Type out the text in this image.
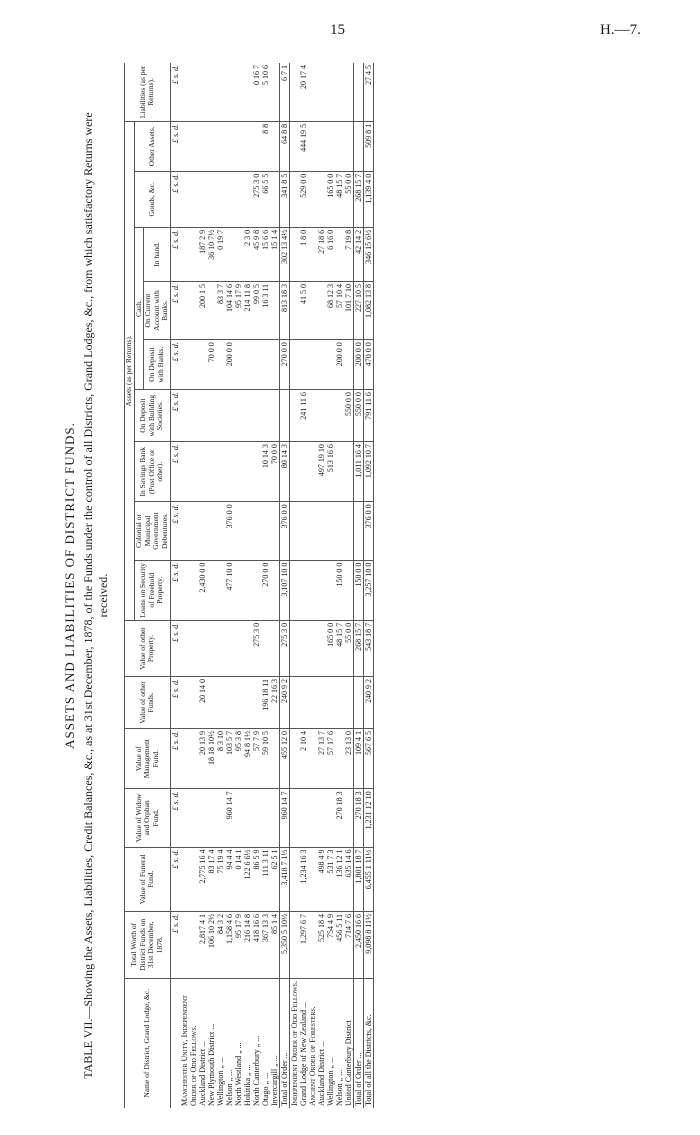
15	H.—7.

ASSETS AND LIABILITIES OF DISTRICT FUNDS. TABLE VII.—Showing the Assets, Liabilities, Credit Balances, &c., as at 31st December, 1878, of the Funds under the control of all Districts, Grand Lodges, &c., from which satisfactory Returns were received.

Name of District, Grand Lodge, &c.	Total Worth of District Funds on 31st December, 1878.	Value of Funeral Fund.	Value of Widow and Orphan Fund.	Value of Management Fund.	Value of other Funds.	Value of other Property.	Assets (as per Returns).									Liabilities (as per Returns).
							Loans on Security of Freehold Property.	Colonial or Municipal Government Debentures.	In Savings Bank (Post Office or other).	On Deposit with Building Societies.	Cash.			Goods, &c.	Other Assets.	
											On Deposit with Banks.	On Current Account with Banks.	In hand.			
	£ s. d.	£ s. d.	£ s. d.	£ s. d.	£ s. d.	£ s. d.	£ s. d.	£ s. d.	£ s. d.	£ s. d.	£ s. d.	£ s. d.	£ s. d.	£ s. d.	£ s. d.	£ s. d.
Manchester Unity, Independent Order of Odd Fellows.																
Auckland District ...	2,817 4 1	2,775 16 4		20 13 9	20 14 0		2,430 0 0					200 1 5	187 2 9			
New Plymouth District ...	106 10 2½	83 17 4		18 18 10½							70 0 0		36 10 7½			
Wellington „ ...	84 3 2	75 19 4		8 3 10								83 3 7	0 19 7			
Nelson „ ...	1,158 4 6	94 4 4	960 14 7	103 5 7			477 10 0	376 0 0			200 0 0	104 14 6				
North Westland „ ...	95 17 9	0 14 1		95 3 8								95 17 9				
Hokitika „ ...	216 14 8	122 6 6½		94 8 1½								214 11 8	2 3 0			
North Canterbury „ ...	418 16 6	86 5 9		57 7 9		275 3 0						99 0 5	45 9 8	275 3 0		0 16 7
Otago „ ...	367 13 3	111 3 11		59 10 5	196 18 11		270 0 0		10 14 3			16 3 11	15 6 6	66 5 5	8 8	5 10 6
Invercargill „ ...	85 1 4	62 5 1			22 16 3				70 0 0				15 1 4			
Total of Order ...	5,350 5 10½	3,418 7 1½	960 14 7	455 12 0	240 9 2	275 3 0	3,107 10 0	376 0 0	80 14 3		270 0 0	813 18 3	302 13 4½	341 8 5	64 8 8	6 7 1
Independent Order of Odd Fellows.																
Grand Lodge of New Zealand ...	1,297 6 7	1,234 16 3		2 10 4						241 11 6		41 5 0	1 8 0	529 0 0	444 19 5	20 17 4
Ancient Order of Foresters.																
Auckland District ...	525 18 4	498 4 9		27 13 7					497 19 10				27 18 6			
Wellington „ ...	754 4 9	531 7 3		57 17 6		165 0 0			513 16 6			68 12 3	6 16 0	165 0 0		
Nelson „ ...	456 5 11	136 12 1	270 18 3			48 15 7	150 0 0				200 0 0	57 10 4		48 15 7		
United Canterbury District	714 7 6	635 14 6		23 13 0		55 0 0				550 0 0		101 7 10	7 19 8	55 0 0		
Total of Order ...	2,450 16 6	1,801 18 7	270 18 3	109 4 1		268 15 7	150 0 0		1,011 16 4	550 0 0	200 0 0	227 10 5	42 14 2	268 15 7		
Total of all the Districts, &c.	9,098 8 11½	6,455 1 11½	1,231 12 10	567 6 5	240 9 2	543 18 7	3,257 10 0	376 0 0	1,092 10 7	791 11 6	470 0 0	1,082 13 8	346 15 6½	1,139 4 0	509 8 1	27 4 5
